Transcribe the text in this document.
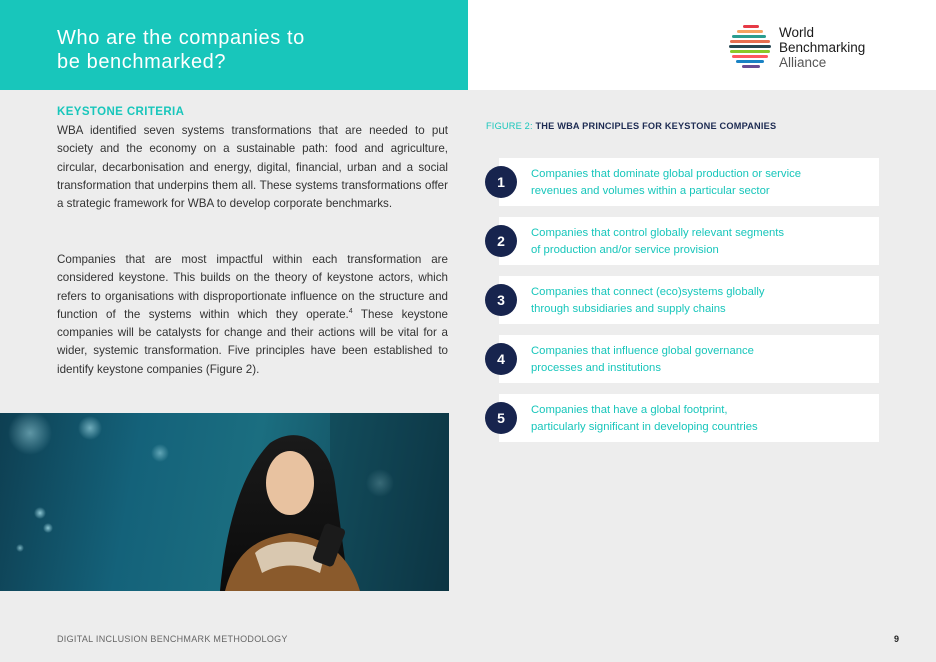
Who are the companies to
be benchmarked?
World
Benchmarking
Alliance
KEYSTONE CRITERIA

WBA identified seven systems transformations that are needed to put society and the economy on a sustainable path: food and agriculture, circular, decarbonisation and energy, digital, financial, urban and a social transformation that underpins them all. These systems transformations offer a strategic framework for WBA to develop corporate benchmarks.

Companies that are most impactful within each transformation are considered keystone. This builds on the theory of keystone actors, which refers to organisations with disproportionate influence on the structure and function of the systems within which they operate.$^4$ These keystone companies will be catalysts for change and their actions will be vital for a wider, systemic transformation. Five principles have been established to identify keystone companies (Figure 2).

FIGURE 2: THE WBA PRINCIPLES FOR KEYSTONE COMPANIES
1	Companies that dominate global production or service
revenues and volumes within a particular sector
2	Companies that control globally relevant segments
of production and/or service provision
3	Companies that connect (eco)systems globally
through subsidiaries and supply chains
4	Companies that influence global governance
processes and institutions
5	Companies that have a global footprint,
particularly significant in developing countries
DIGITAL INCLUSION BENCHMARK METHODOLOGY	9
